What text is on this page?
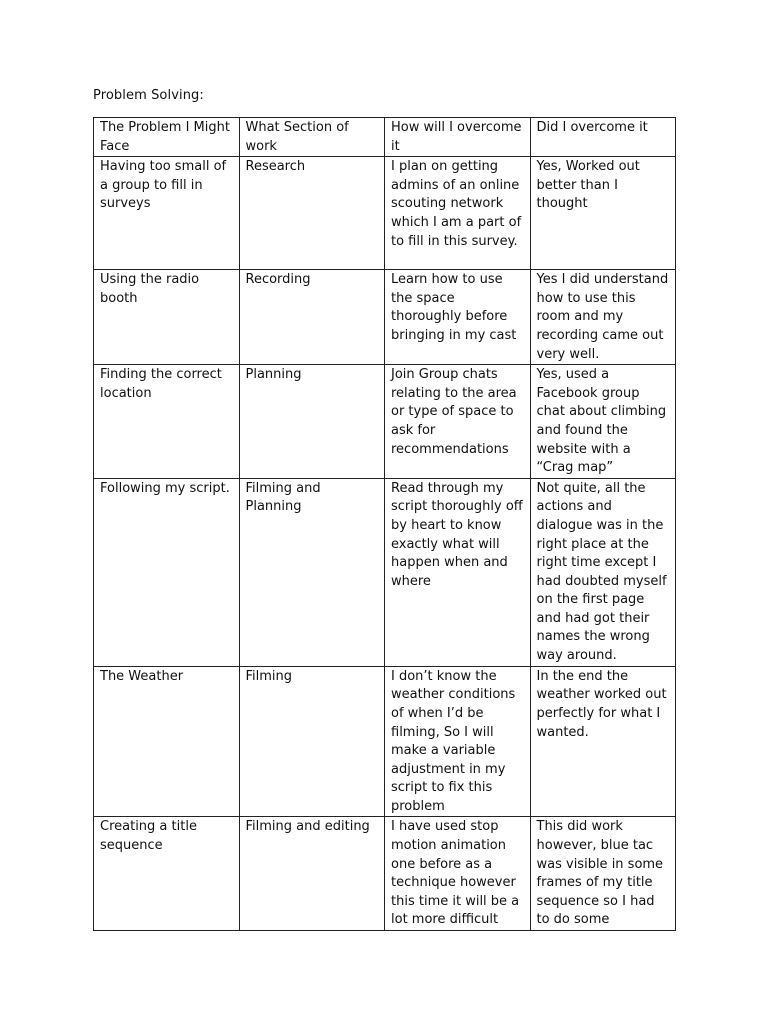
Problem Solving:
The Problem I Might Face	What Section of work	How will I overcome it	Did I overcome it
Having too small of a group to fill in surveys	Research	I plan on getting admins of an online scouting network which I am a part of to fill in this survey.	Yes, Worked out better than I thought
Using the radio booth	Recording	Learn how to use the space thoroughly before bringing in my cast	Yes I did understand how to use this room and my recording came out very well.
Finding the correct location	Planning	Join Group chats relating to the area or type of space to ask for recommendations	Yes, used a Facebook group chat about climbing and found the website with a “Crag map”
Following my script.	Filming and Planning	Read through my script thoroughly off by heart to know exactly what will happen when and where	Not quite, all the actions and dialogue was in the right place at the right time except I had doubted myself on the first page and had got their names the wrong way around.
The Weather	Filming	I don’t know the weather conditions of when I’d be filming, So I will make a variable adjustment in my script to fix this problem	In the end the weather worked out perfectly for what I wanted.
Creating a title sequence	Filming and editing	I have used stop motion animation one before as a technique however this time it will be a lot more difficult	This did work however, blue tac was visible in some frames of my title sequence so I had to do some
